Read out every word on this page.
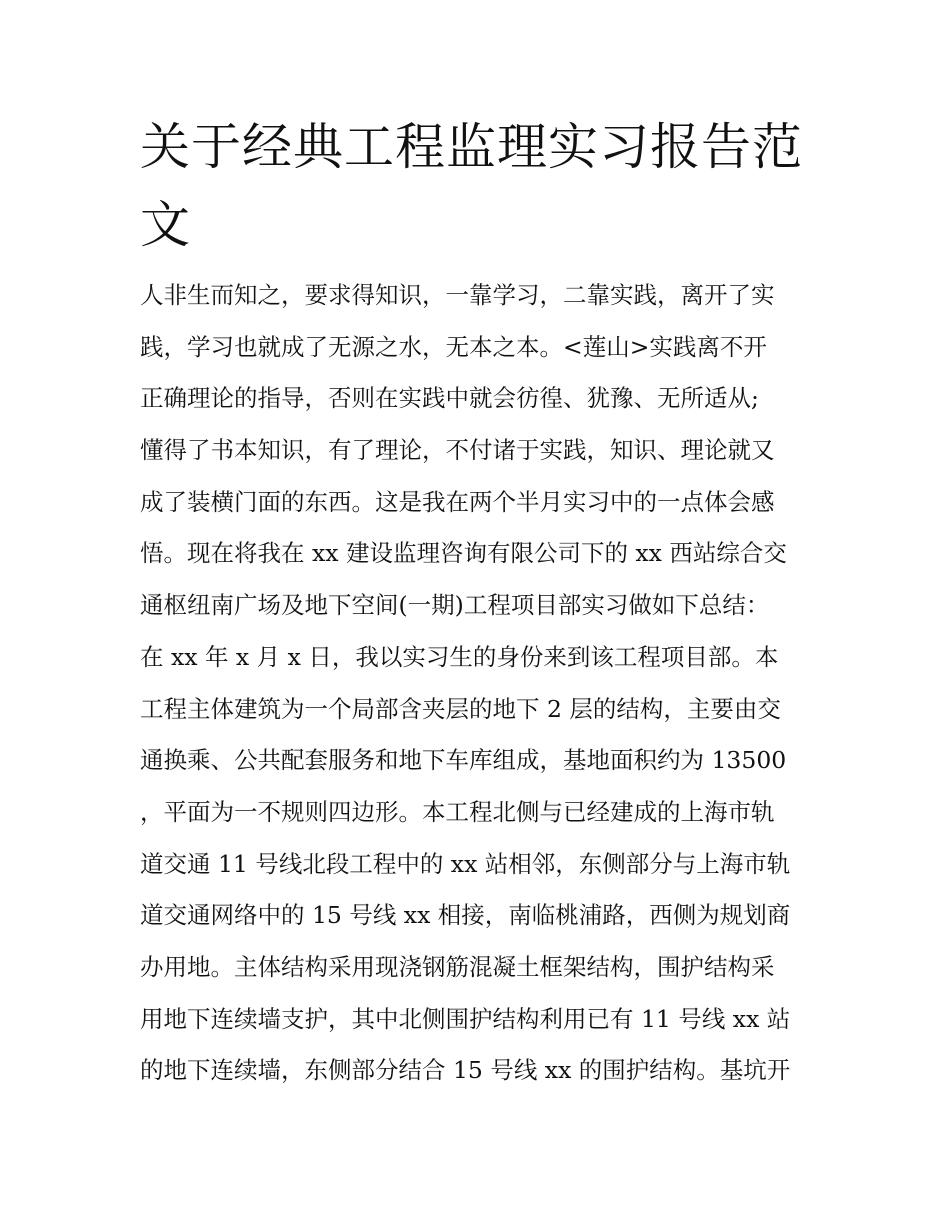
关于经典工程监理实习报告范文
人非生而知之，要求得知识，一靠学习，二靠实践，离开了实
践，学习也就成了无源之水，无本之本。<莲山>实践离不开
正确理论的指导，否则在实践中就会彷徨、犹豫、无所适从;
懂得了书本知识，有了理论，不付诸于实践，知识、理论就又
成了装横门面的东西。这是我在两个半月实习中的一点体会感
悟。现在将我在 xx 建设监理咨询有限公司下的 xx 西站综合交
通枢纽南广场及地下空间(一期)工程项目部实习做如下总结：
在 xx 年 x 月 x 日，我以实习生的身份来到该工程项目部。本
工程主体建筑为一个局部含夹层的地下 2 层的结构，主要由交
通换乘、公共配套服务和地下车库组成，基地面积约为 13500
，平面为一不规则四边形。本工程北侧与已经建成的上海市轨
道交通 11 号线北段工程中的 xx 站相邻，东侧部分与上海市轨
道交通网络中的 15 号线 xx 相接，南临桃浦路，西侧为规划商
办用地。主体结构采用现浇钢筋混凝土框架结构，围护结构采
用地下连续墙支护，其中北侧围护结构利用已有 11 号线 xx 站
的地下连续墙，东侧部分结合 15 号线 xx 的围护结构。基坑开
